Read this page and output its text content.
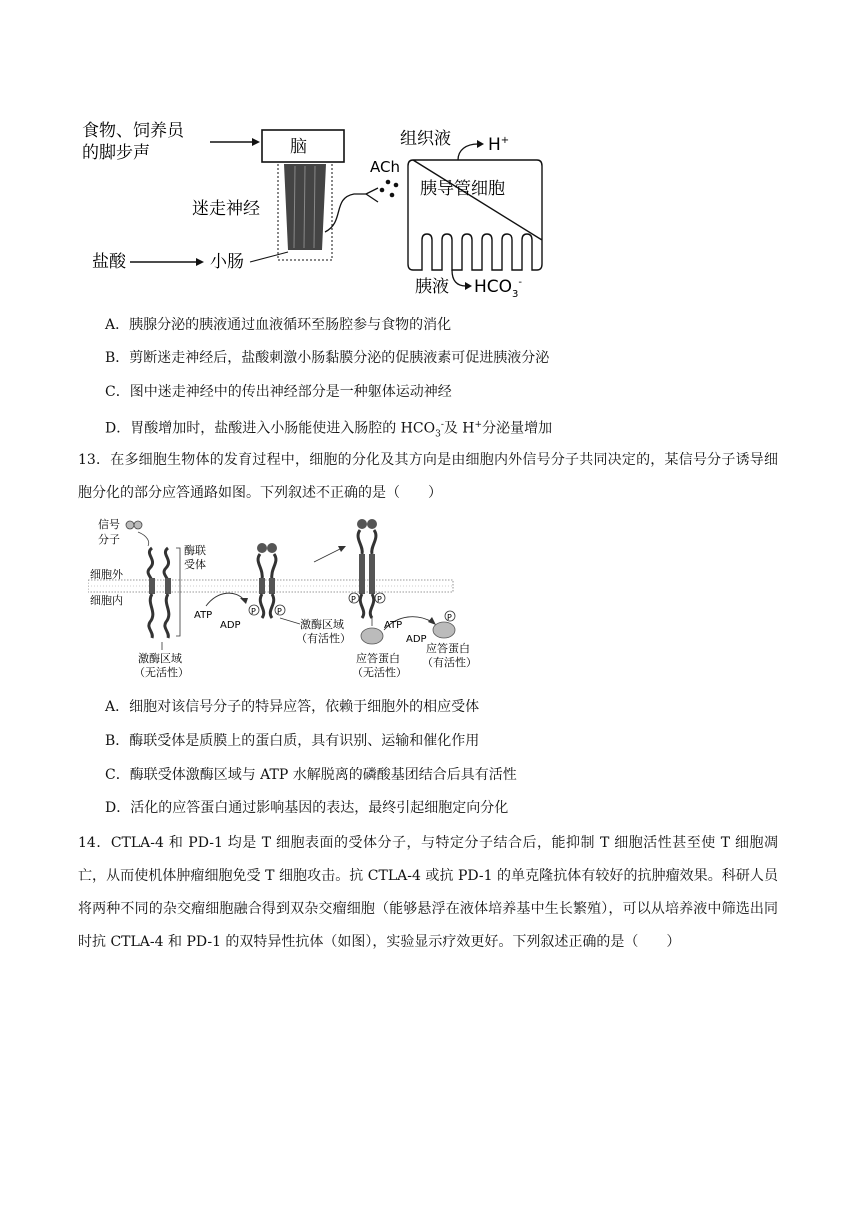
食物、饲养员
的脚步声	脑
迷走神经
盐酸	小肠
ACh
组织液 H+
胰导管细胞
胰液 $HCO_3^-$
A．胰腺分泌的胰液通过血液循环至肠腔参与食物的消化
B．剪断迷走神经后，盐酸刺激小肠黏膜分泌的促胰液素可促进胰液分泌
C．图中迷走神经中的传出神经部分是一种躯体运动神经
D．胃酸增加时，盐酸进入小肠能使进入肠腔的 $HCO_3^-$及 H+分泌量增加
13．在多细胞生物体的发育过程中，细胞的分化及其方向是由细胞内外信号分子共同决定的，某信号分子诱导细胞分化的部分应答通路如图。下列叙述不正确的是（　　）
信号
分子
细胞外
细胞内
酶联
受体
激酶区域
（无活性）
ATP
ADP
P	P
激酶区域
（有活性）
P	P
应答蛋白
（无活性）
ATP
ADP
P
应答蛋白
（有活性）
A．细胞对该信号分子的特异应答，依赖于细胞外的相应受体
B．酶联受体是质膜上的蛋白质，具有识别、运输和催化作用
C．酶联受体激酶区域与 ATP 水解脱离的磷酸基团结合后具有活性
D．活化的应答蛋白通过影响基因的表达，最终引起细胞定向分化
14．CTLA-4 和 PD-1 均是 T 细胞表面的受体分子，与特定分子结合后，能抑制 T 细胞活性甚至使 T 细胞凋亡，从而使机体肿瘤细胞免受 T 细胞攻击。抗 CTLA-4 或抗 PD-1 的单克隆抗体有较好的抗肿瘤效果。科研人员将两种不同的杂交瘤细胞融合得到双杂交瘤细胞（能够悬浮在液体培养基中生长繁殖），可以从培养液中筛选出同时抗 CTLA-4 和 PD-1 的双特异性抗体（如图），实验显示疗效更好。下列叙述正确的是（　　）
